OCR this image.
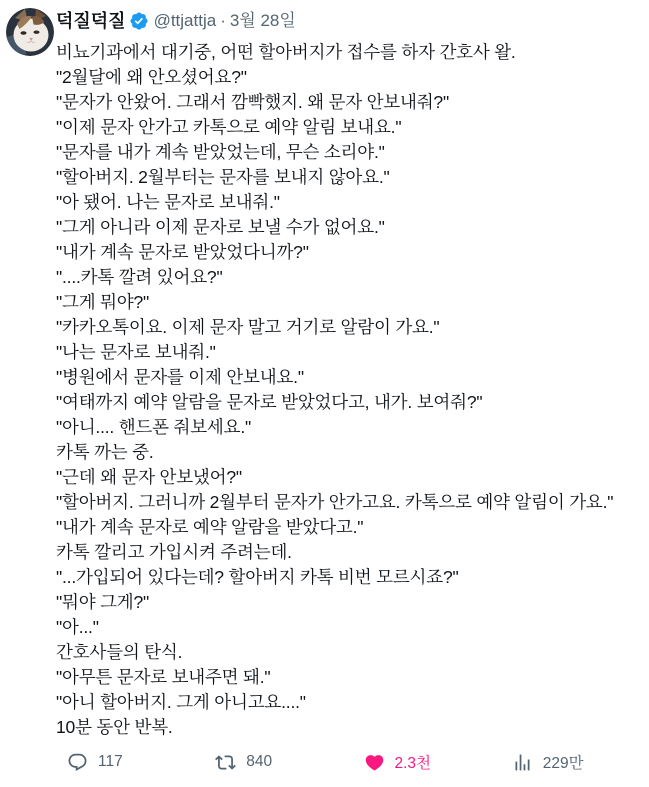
덕질덕질 @ttjattja · 3월 28일
비뇨기과에서 대기중, 어떤 할아버지가 접수를 하자 간호사 왈.
"2월달에 왜 안오셨어요?"
"문자가 안왔어. 그래서 깜빡했지. 왜 문자 안보내줘?"
"이제 문자 안가고 카톡으로 예약 알림 보내요."
"문자를 내가 계속 받았었는데, 무슨 소리야."
"할아버지. 2월부터는 문자를 보내지 않아요."
"아 됐어. 나는 문자로 보내줘."
"그게 아니라 이제 문자로 보낼 수가 없어요."
"내가 계속 문자로 받았었다니까?"
"....카톡 깔려 있어요?"
"그게 뭐야?"
"카카오톡이요. 이제 문자 말고 거기로 알람이 가요."
"나는 문자로 보내줘."
"병원에서 문자를 이제 안보내요."
"여태까지 예약 알람을 문자로 받았었다고, 내가. 보여줘?"
"아니.... 핸드폰 줘보세요."
카톡 까는 중.
"근데 왜 문자 안보냈어?"
"할아버지. 그러니까 2월부터 문자가 안가고요. 카톡으로 예약 알림이 가요."
"내가 계속 문자로 예약 알람을 받았다고."
카톡 깔리고 가입시켜 주려는데.
"...가입되어 있다는데? 할아버지 카톡 비번 모르시죠?"
"뭐야 그게?"
"아..."
간호사들의 탄식.
"아무튼 문자로 보내주면 돼."
"아니 할아버지. 그게 아니고요...."
10분 동안 반복.
117	840	2.3천	229만
